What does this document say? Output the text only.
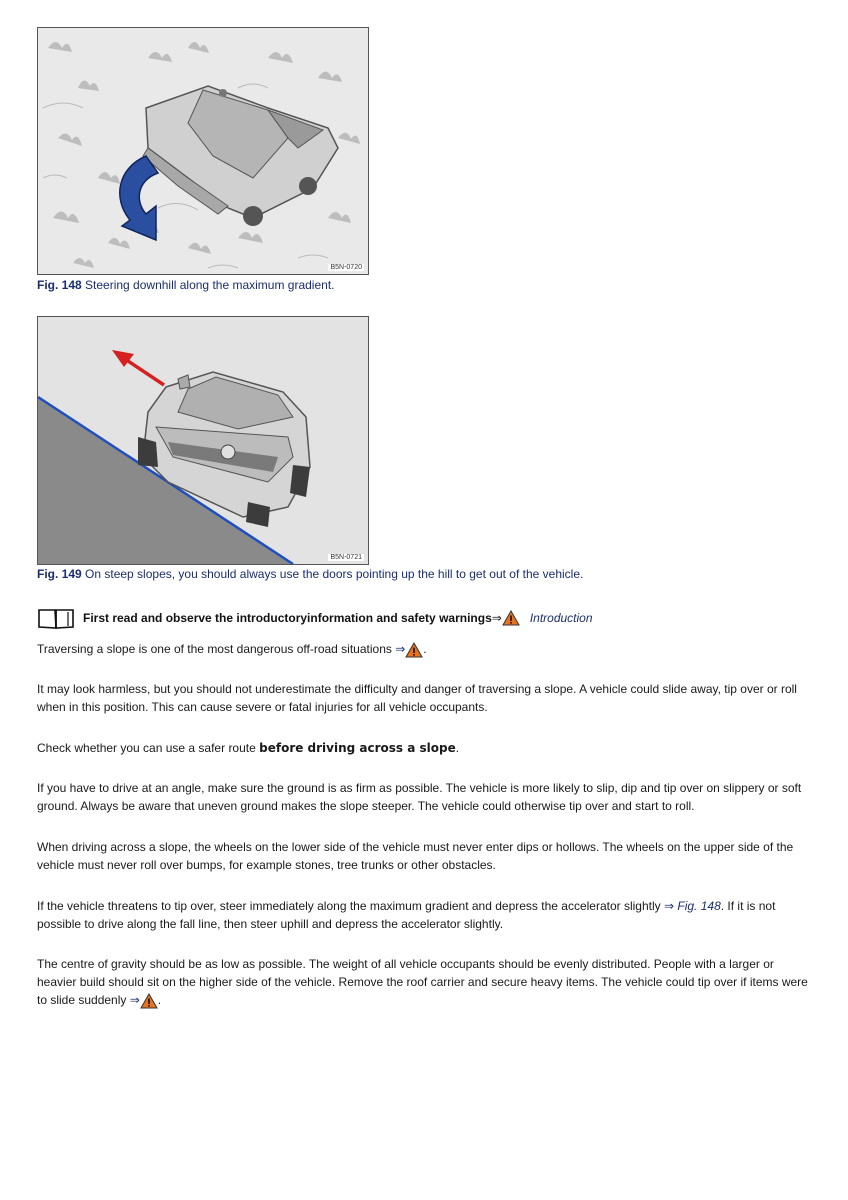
B5N-0720
Fig. 148 Steering downhill along the maximum gradient.
B5N-0721
Fig. 149 On steep slopes, you should always use the doors pointing up the hill to get out of the vehicle.
First read and observe the introductoryinformation and safety warnings ⇒ Introduction
Traversing a slope is one of the most dangerous off-road situations ⇒ .
It may look harmless, but you should not underestimate the difficulty and danger of traversing a slope. A vehicle could slide away, tip over or roll when in this position. This can cause severe or fatal injuries for all vehicle occupants.
Check whether you can use a safer route before driving across a slope.
If you have to drive at an angle, make sure the ground is as firm as possible. The vehicle is more likely to slip, dip and tip over on slippery or soft ground. Always be aware that uneven ground makes the slope steeper. The vehicle could otherwise tip over and start to roll.
When driving across a slope, the wheels on the lower side of the vehicle must never enter dips or hollows. The wheels on the upper side of the vehicle must never roll over bumps, for example stones, tree trunks or other obstacles.
If the vehicle threatens to tip over, steer immediately along the maximum gradient and depress the accelerator slightly ⇒ Fig. 148. If it is not possible to drive along the fall line, then steer uphill and depress the accelerator slightly.
The centre of gravity should be as low as possible. The weight of all vehicle occupants should be evenly distributed. People with a larger or heavier build should sit on the higher side of the vehicle. Remove the roof carrier and secure heavy items. The vehicle could tip over if items were to slide suddenly ⇒ .
